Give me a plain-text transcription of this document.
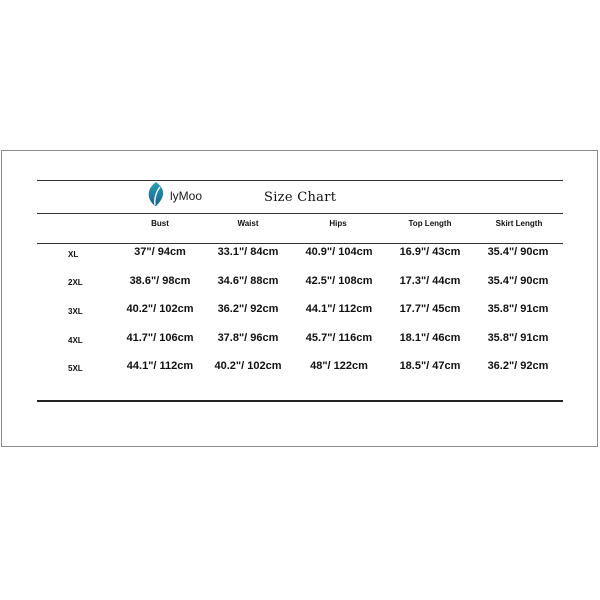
lyMoo	Size Chart
Bust	Waist	Hips	Top Length	Skirt Length
XL	37"/ 94cm	33.1"/ 84cm	40.9"/ 104cm	16.9"/ 43cm	35.4"/ 90cm
2XL	38.6"/ 98cm	34.6"/ 88cm	42.5"/ 108cm	17.3"/ 44cm	35.4"/ 90cm
3XL	40.2"/ 102cm	36.2"/ 92cm	44.1"/ 112cm	17.7"/ 45cm	35.8"/ 91cm
4XL	41.7"/ 106cm	37.8"/ 96cm	45.7"/ 116cm	18.1"/ 46cm	35.8"/ 91cm
5XL	44.1"/ 112cm	40.2"/ 102cm	48"/ 122cm	18.5"/ 47cm	36.2"/ 92cm
